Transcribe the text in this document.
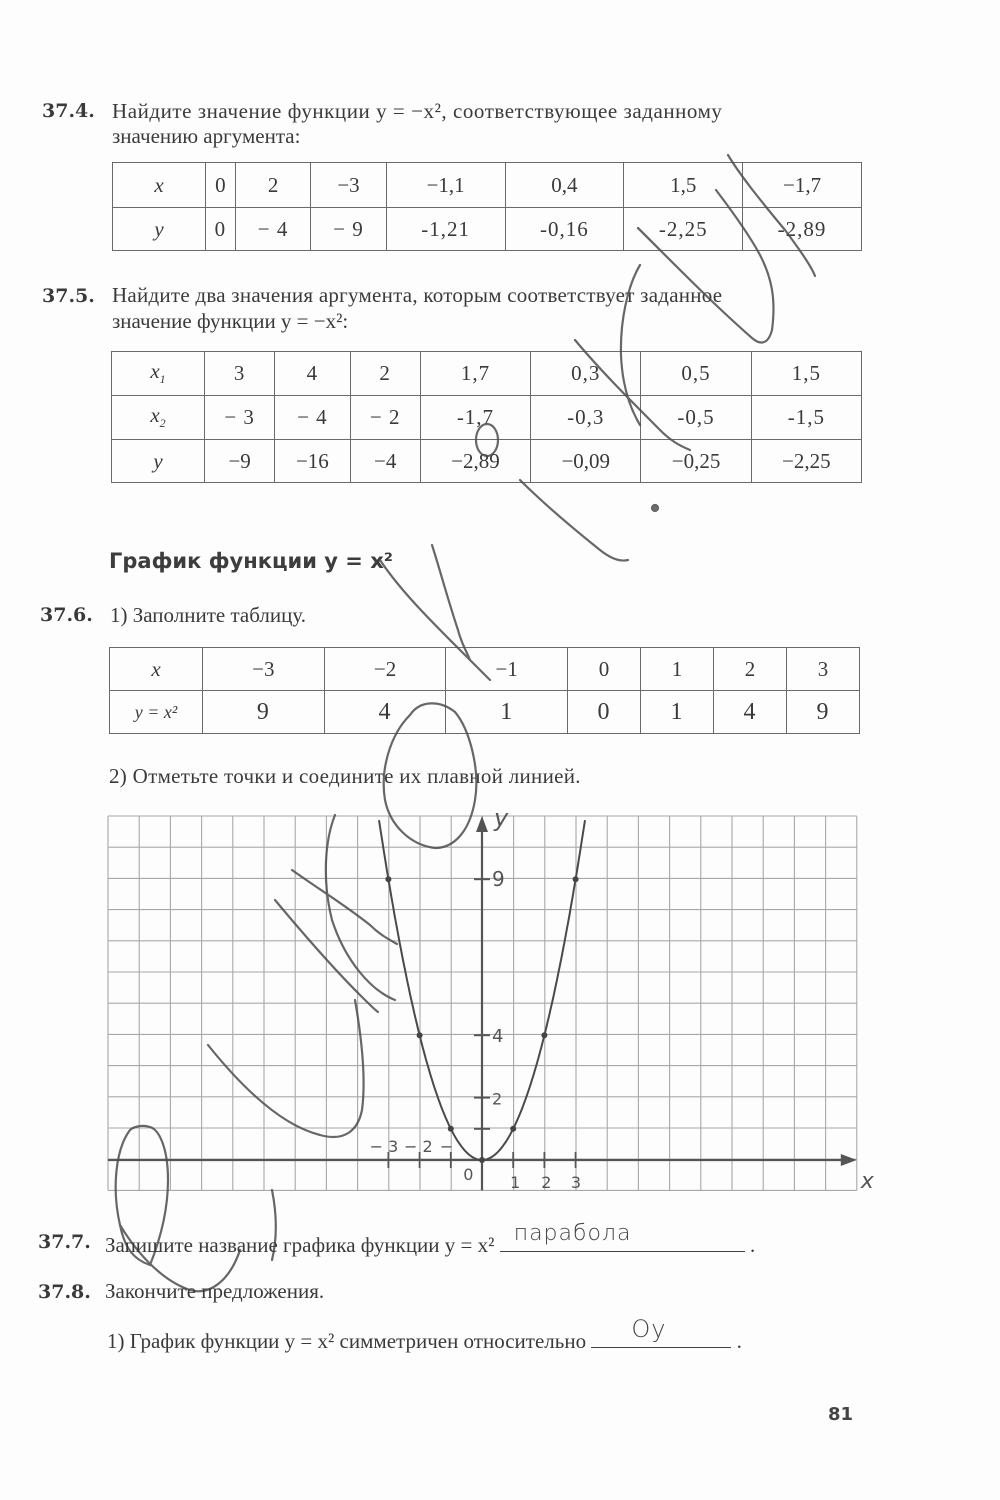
37.4. Найдите значение функции y = −x², соответствующее заданному
значению аргумента:
x	0	2	−3	−1,1	0,4	1,5	−1,7
y	0	− 4	− 9	-1,21	-0,16	-2,25	-2,89
37.5. Найдите два значения аргумента, которым соответствует заданное
значение функции y = −x²:
$x_1$	3	4	2	1,7	0,3	0,5	1,5
$x_2$	− 3	− 4	− 2	-1,7	-0,3	-0,5	-1,5
y	−9	−16	−4	−2,89	−0,09	−0,25	−2,25
График функции y = x²
37.6. 1) Заполните таблицу.
x	−3	−2	−1	0	1	2	3
y = x²	9	4	1	0	1	4	9
2) Отметьте точки и соедините их плавной линией.
x
y
2
4
9
− 3 − 2 −
0 1 2 3
37.7. Запишите название графика функции y = x² парабола	.
37.8. Закончите предложения.
1) График функции y = x² симметричен относительно Oy	.
81
